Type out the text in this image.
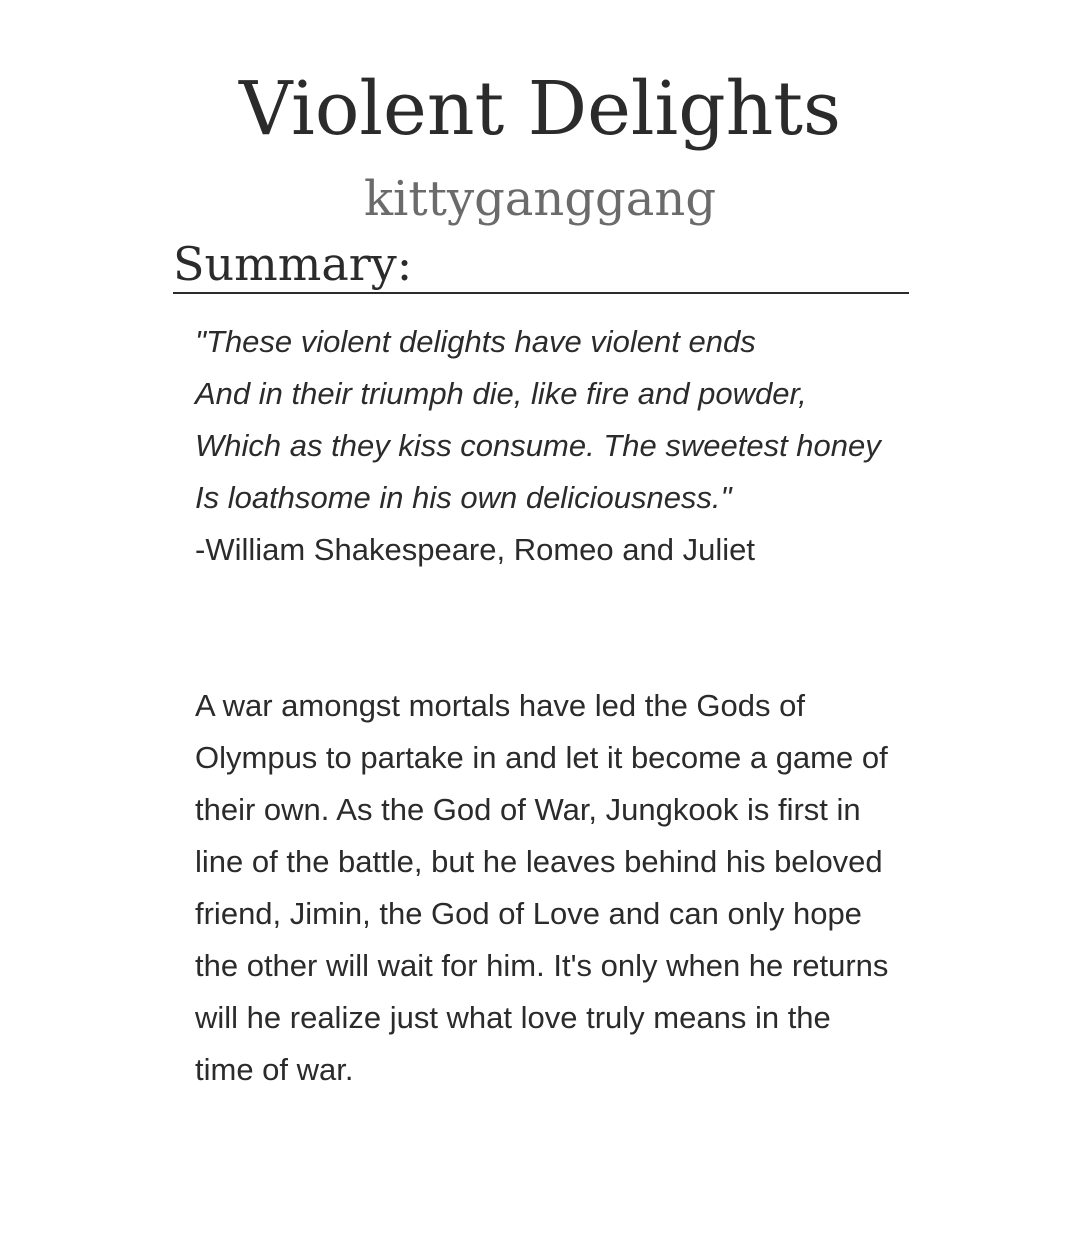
Violent Delights
kittyganggang
Summary:
"These violent delights have violent ends
And in their triumph die, like fire and powder,
Which as they kiss consume. The sweetest honey
Is loathsome in his own deliciousness."
-William Shakespeare, Romeo and Juliet
A war amongst mortals have led the Gods of Olympus to partake in and let it become a game of their own. As the God of War, Jungkook is first in line of the battle, but he leaves behind his beloved friend, Jimin, the God of Love and can only hope the other will wait for him. It's only when he returns will he realize just what love truly means in the time of war.
